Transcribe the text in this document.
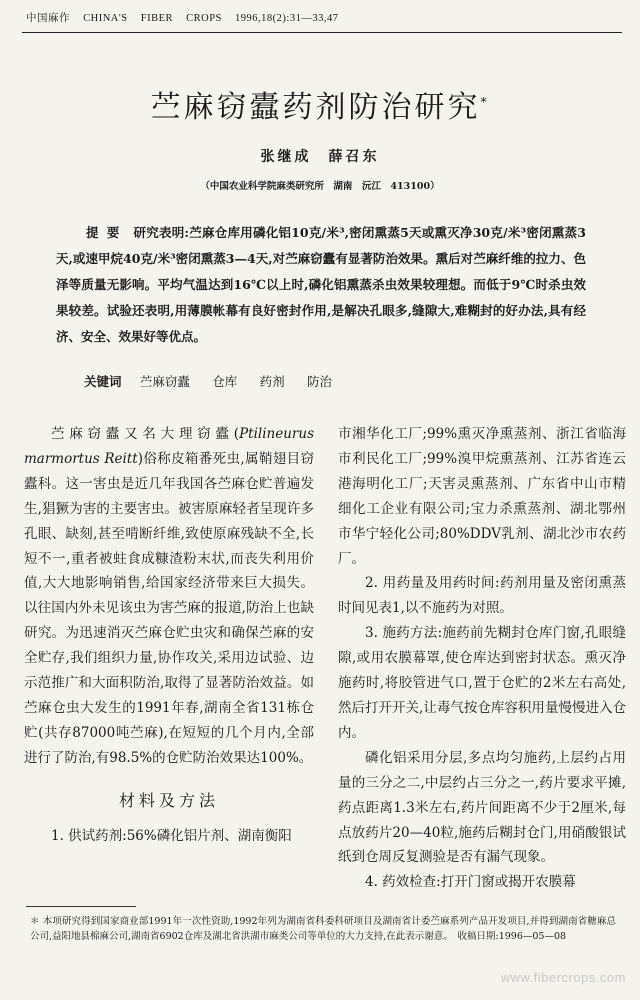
中国麻作 CHINA'S FIBER CROPS 1996,18(2):31—33,47
苎麻窃蠹药剂防治研究*
张继成　薛召东
（中国农业科学院麻类研究所　湖南　沅江　413100）
提要 研究表明:苎麻仓库用磷化铝10克/米³,密闭熏蒸5天或熏灭净30克/米³密闭熏蒸3天,或速甲烷40克/米³密闭熏蒸3—4天,对苎麻窃蠹有显著防治效果。熏后对苎麻纤维的拉力、色泽等质量无影响。平均气温达到16℃以上时,磷化铝熏蒸杀虫效果较理想。而低于9℃时杀虫效果较差。试验还表明,用薄膜帐幕有良好密封作用,是解决孔眼多,缝隙大,难糊封的好办法,具有经济、安全、效果好等优点。
关键词 苎麻窃蠹 仓库 药剂 防治

苎麻窃蠹又名大理窃蠹(Ptilineurus marmortus Reitt)俗称皮箱番死虫,属鞘翅目窃蠹科。这一害虫是近几年我国各苎麻仓贮普遍发生,猖獗为害的主要害虫。被害原麻轻者呈现许多孔眼、缺刻,甚至啃断纤维,致使原麻残缺不全,长短不一,重者被蛀食成糠渣粉末状,而丧失利用价值,大大地影响销售,给国家经济带来巨大损失。以往国内外未见该虫为害苎麻的报道,防治上也缺研究。为迅速消灭苎麻仓贮虫灾和确保苎麻的安全贮存,我们组织力量,协作攻关,采用边试验、边示范推广和大面积防治,取得了显著防治效益。如苎麻仓虫大发生的1991年春,湖南全省131栋仓贮(共存87000吨苎麻),在短短的几个月内,全部进行了防治,有98.5%的仓贮防治效果达100%。

材料及方法

1. 供试药剂:56%磷化铝片剂、湖南衡阳

市湘华化工厂;99%熏灭净熏蒸剂、浙江省临海市利民化工厂;99%溴甲烷熏蒸剂、江苏省连云港海明化工厂;天害灵熏蒸剂、广东省中山市精细化工企业有限公司;宝力杀熏蒸剂、湖北鄂州市华宁轻化公司;80%DDV乳剂、湖北沙市农药厂。

2. 用药量及用药时间:药剂用量及密闭熏蒸时间见表1,以不施药为对照。

3. 施药方法:施药前先糊封仓库门窗,孔眼缝隙,或用农膜幕罩,使仓库达到密封状态。熏灭净施药时,将胶管进气口,置于仓贮的2米左右高处,然后打开开关,让毒气按仓库容积用量慢慢进入仓内。

磷化铝采用分层,多点均匀施药,上层约占用量的三分之二,中层约占三分之一,药片要求平摊,药点距离1.3米左右,药片间距离不少于2厘米,每点放药片20—40粒,施药后糊封仓门,用硝酸银试纸到仓周反复测验是否有漏气现象。

4. 药效检查:打开门窗或揭开农膜幕

＊ 本项研究得到国家商业部1991年一次性资助,1992年列为湖南省科委科研项目及湖南省计委苎麻系列产品开发项目,并得到湖南省糖麻总公司,益阳地县棉麻公司,湖南省6902仓库及湖北省洪湖市麻类公司等单位的大力支持,在此表示谢意。　收稿日期:1996—05—08
www.fibercrops.com
